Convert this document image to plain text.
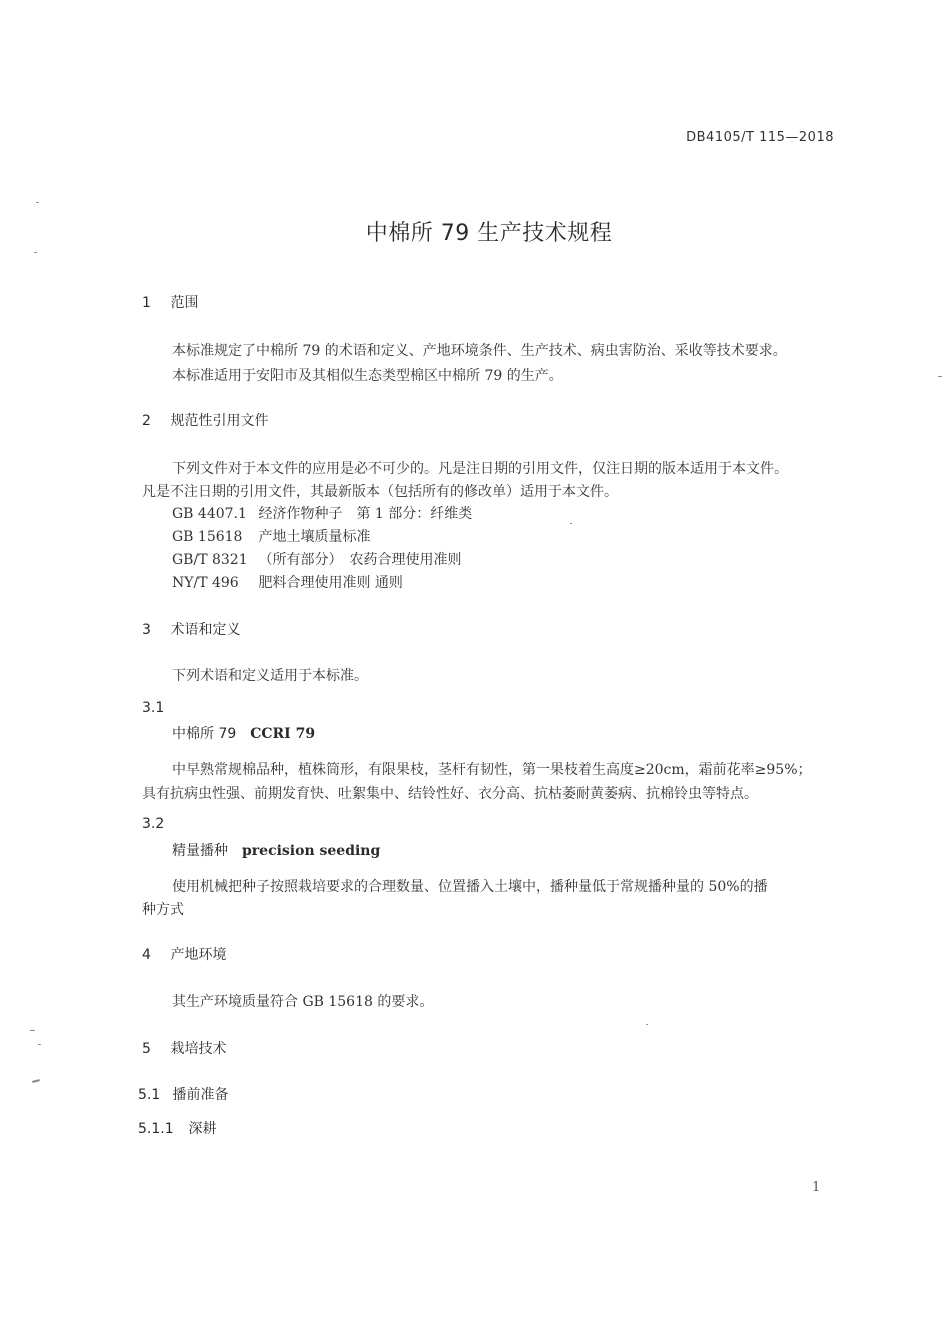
DB4105/T 115—2018
中棉所 79 生产技术规程
1 范围
本标准规定了中棉所 79 的术语和定义、产地环境条件、生产技术、病虫害防治、采收等技术要求。
本标准适用于安阳市及其相似生态类型棉区中棉所 79 的生产。
2 规范性引用文件
下列文件对于本文件的应用是必不可少的。凡是注日期的引用文件，仅注日期的版本适用于本文件。
凡是不注日期的引用文件，其最新版本（包括所有的修改单）适用于本文件。
GB 4407.1 经济作物种子　第 1 部分：纤维类
GB 15618 产地土壤质量标准
GB/T 8321 （所有部分）　农药合理使用准则
NY/T 496 肥料合理使用准则 通则
3 术语和定义
下列术语和定义适用于本标准。
3.1
中棉所 79 CCRI 79
中早熟常规棉品种，植株筒形，有限果枝，茎杆有韧性，第一果枝着生高度≥20cm，霜前花率≥95%；
具有抗病虫性强、前期发育快、吐絮集中、结铃性好、衣分高、抗枯萎耐黄萎病、抗棉铃虫等特点。
3.2
精量播种 precision seeding
使用机械把种子按照栽培要求的合理数量、位置播入土壤中，播种量低于常规播种量的 50%的播
种方式
4 产地环境
其生产环境质量符合 GB 15618 的要求。
5 栽培技术
5.1 播前准备
5.1.1 深耕
1
